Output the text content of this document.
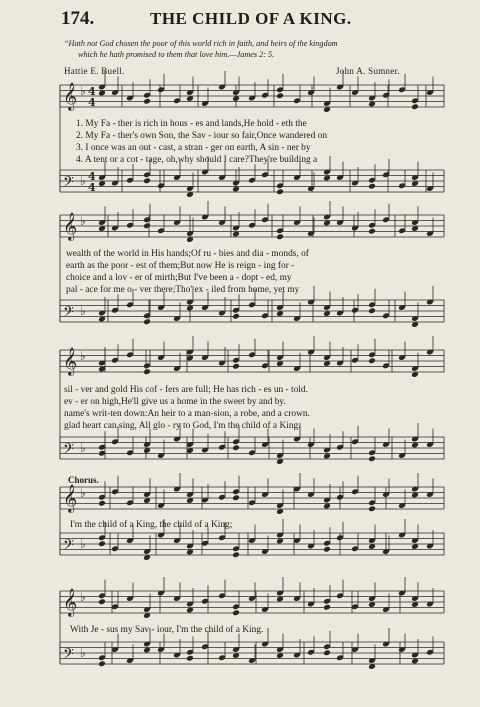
174.	THE CHILD OF A KING.
“Hath not God chosen the poor of this world rich in faith, and heirs of the kingdom
which he hath promised to them that love him.—James 2: 5.
Hattie E. Buell.	John A. Sumner.
1. My Fa - ther is rich in hous - es and lands,He hold - eth the
2. My Fa - ther's own Son, the Sav - iour so fair,Once wandered on
3. I once was an out - cast, a stran - ger on earth, A sin - ner by
4. A tent or a cot - tage, oh,why should I care?They're building a
wealth of the world in His hands;Of ru - bies and dia - monds, of
earth as the poor - est of them;But now He is reign - ing for -
choice and a lov - er of mirth;But I've been a - dopt - ed, my
pal - ace for me o - ver there;Tho' ex - iled from home, yet my
sil - ver and gold His cof - fers are full; He has rich - es un - told.
ev - er on high,He'll give us a home in the sweet by and by.
name's writ-ten down:An heir to a man-sion, a robe, and a crown.
glad heart can sing, All glo - ry to God, I'm the child of a King.
Chorus.
I'm the child of a King, the child of a King;
With Je - sus my Sav - iour, I'm the child of a King.
𝄞 ♭
𝄢 ♭
𝄞 ♭
𝄢 ♭
𝄞 ♭
𝄢 ♭
𝄞 ♭
𝄢 ♭
𝄞 ♭
𝄢 ♭
4
4
4
4
